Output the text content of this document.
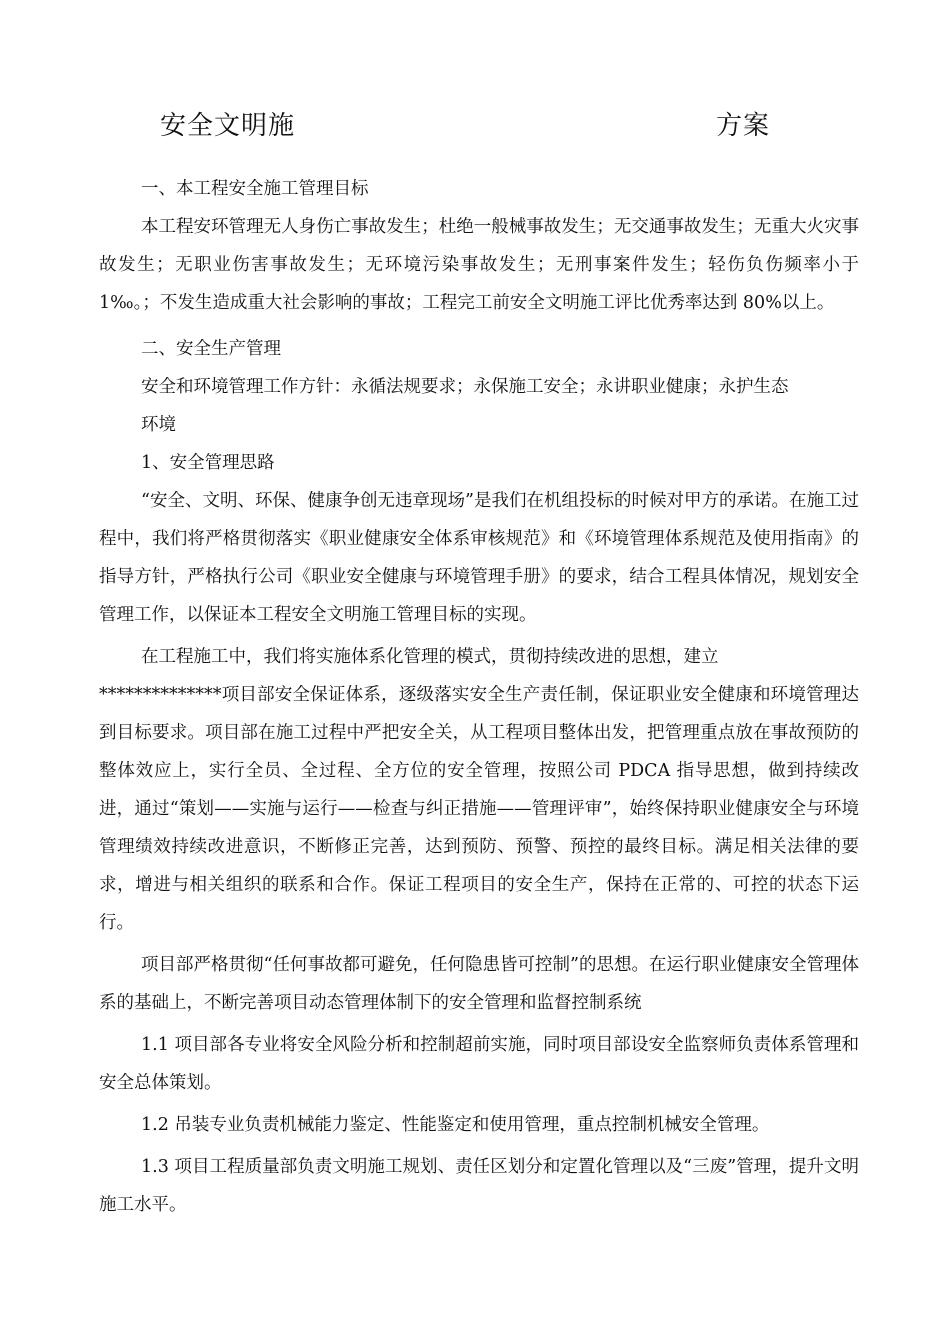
安全文明施	方案

一、本工程安全施工管理目标

本工程安环管理无人身伤亡事故发生；杜绝一般械事故发生；无交通事故发生；无重大火灾事故发生；无职业伤害事故发生；无环境污染事故发生；无刑事案件发生；轻伤负伤频率小于 1‰。；不发生造成重大社会影响的事故；工程完工前安全文明施工评比优秀率达到 80%以上。

二、安全生产管理

安全和环境管理工作方针：永循法规要求；永保施工安全；永讲职业健康；永护生态

环境

1、安全管理思路

“安全、文明、环保、健康争创无违章现场”是我们在机组投标的时候对甲方的承诺。在施工过程中，我们将严格贯彻落实《职业健康安全体系审核规范》和《环境管理体系规范及使用指南》的指导方针，严格执行公司《职业安全健康与环境管理手册》的要求，结合工程具体情况，规划安全管理工作，以保证本工程安全文明施工管理目标的实现。

在工程施工中，我们将实施体系化管理的模式，贯彻持续改进的思想，建立

**************项目部安全保证体系，逐级落实安全生产责任制，保证职业安全健康和环境管理达到目标要求。项目部在施工过程中严把安全关，从工程项目整体出发，把管理重点放在事故预防的整体效应上，实行全员、全过程、全方位的安全管理，按照公司 PDCA 指导思想，做到持续改进，通过“策划——实施与运行——检查与纠正措施——管理评审”，始终保持职业健康安全与环境管理绩效持续改进意识，不断修正完善，达到预防、预警、预控的最终目标。满足相关法律的要求，增进与相关组织的联系和合作。保证工程项目的安全生产，保持在正常的、可控的状态下运行。

项目部严格贯彻“任何事故都可避免，任何隐患皆可控制”的思想。在运行职业健康安全管理体系的基础上，不断完善项目动态管理体制下的安全管理和监督控制系统

1.1 项目部各专业将安全风险分析和控制超前实施，同时项目部设安全监察师负责体系管理和安全总体策划。

1.2 吊装专业负责机械能力鉴定、性能鉴定和使用管理，重点控制机械安全管理。

1.3 项目工程质量部负责文明施工规划、责任区划分和定置化管理以及“三废”管理，提升文明施工水平。
